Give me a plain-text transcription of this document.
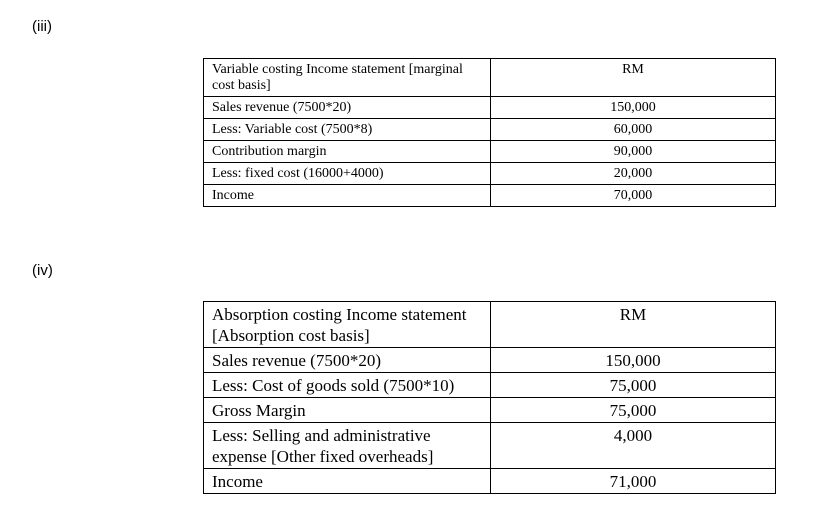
(iii)
Variable costing Income statement [marginal cost basis]	RM
Sales revenue (7500*20)	150,000
Less: Variable cost (7500*8)	60,000
Contribution margin	90,000
Less: fixed cost (16000+4000)	20,000
Income	70,000
(iv)
Absorption costing Income statement [Absorption cost basis]	RM
Sales revenue (7500*20)	150,000
Less: Cost of goods sold (7500*10)	75,000
Gross Margin	75,000
Less: Selling and administrative expense [Other fixed overheads]	4,000
Income	71,000
